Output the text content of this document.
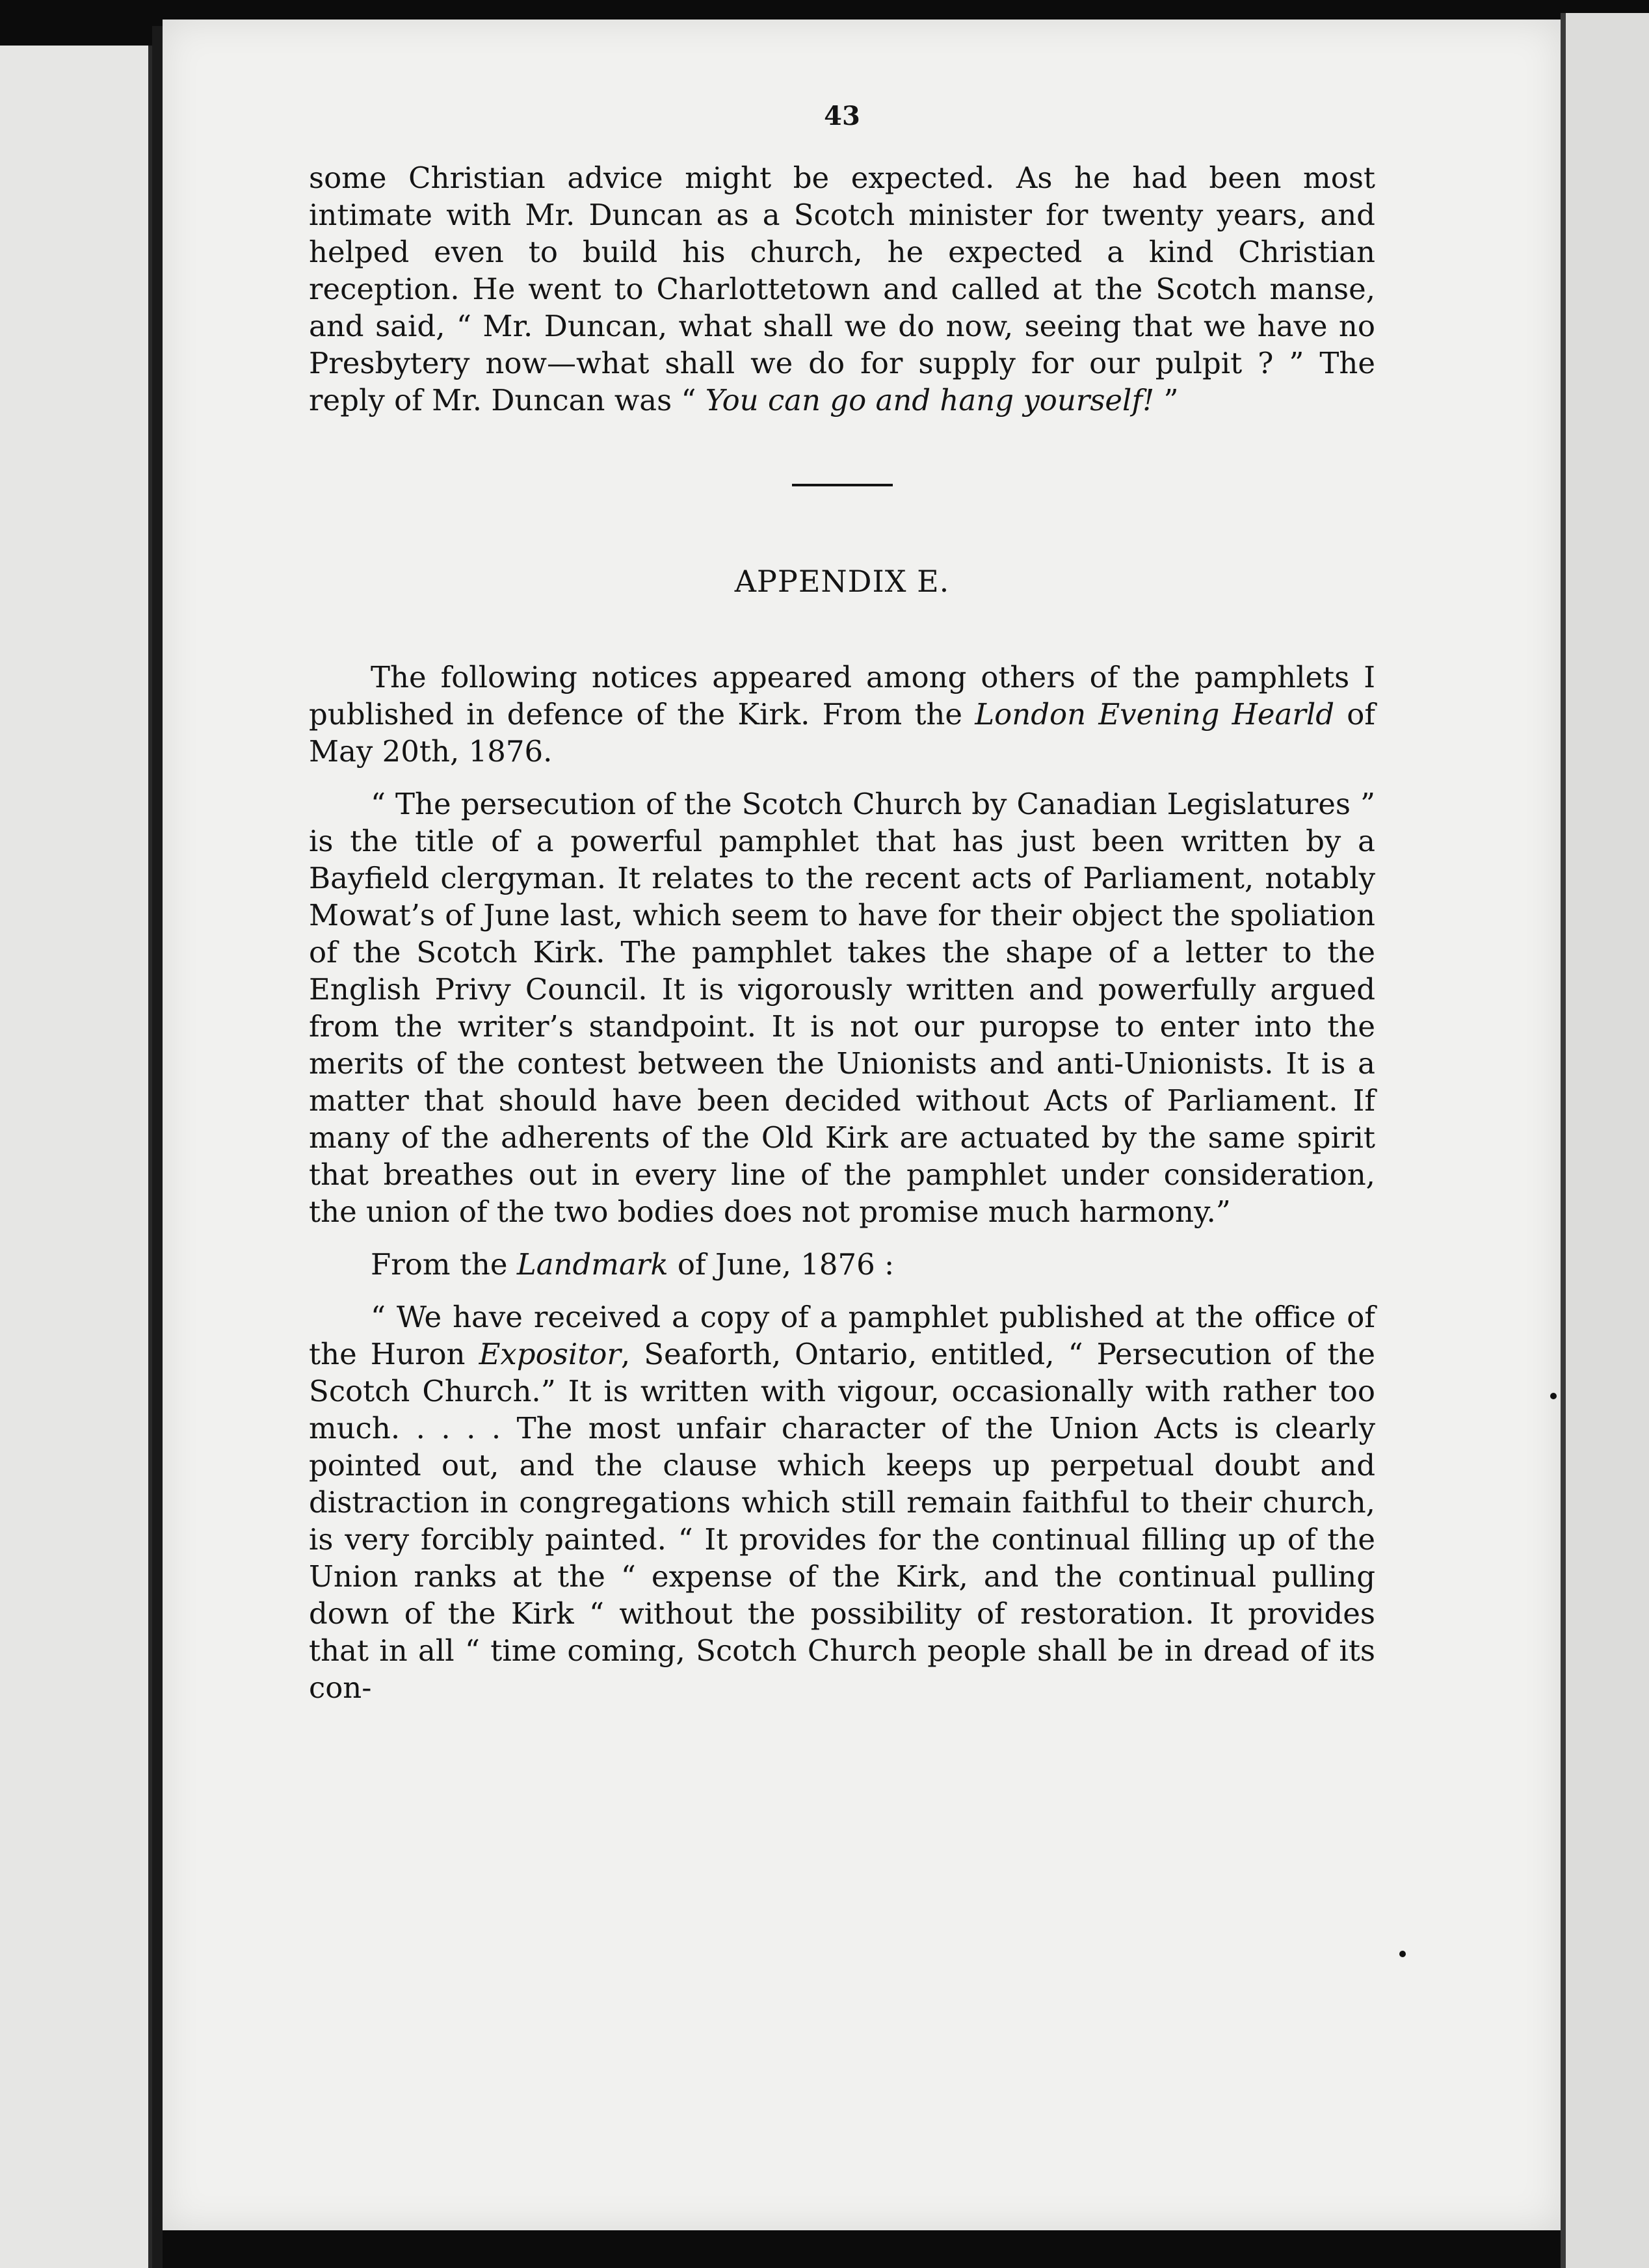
43

some Christian advice might be expected. As he had been most intimate with Mr. Duncan as a Scotch minister for twenty years, and helped even to build his church, he expected a kind Christian reception. He went to Charlottetown and called at the Scotch manse, and said, “ Mr. Duncan, what shall we do now, seeing that we have no Presbytery now—what shall we do for supply for our pulpit ? ” The reply of Mr. Duncan was “ You can go and hang yourself! ”

APPENDIX E.

The following notices appeared among others of the pamphlets I published in defence of the Kirk. From the London Evening Hearld of May 20th, 1876.

“ The persecution of the Scotch Church by Canadian Legislatures ” is the title of a powerful pamphlet that has just been written by a Bayfield clergyman. It relates to the recent acts of Parliament, notably Mowat’s of June last, which seem to have for their object the spoliation of the Scotch Kirk. The pamphlet takes the shape of a letter to the English Privy Council. It is vigorously written and powerfully argued from the writer’s standpoint. It is not our puropse to enter into the merits of the contest between the Unionists and anti-Unionists. It is a matter that should have been decided without Acts of Parliament. If many of the adherents of the Old Kirk are actuated by the same spirit that breathes out in every line of the pamphlet under consideration, the union of the two bodies does not promise much harmony.”

From the Landmark of June, 1876 :

“ We have received a copy of a pamphlet published at the office of the Huron Expositor, Seaforth, Ontario, entitled, “ Persecution of the Scotch Church.” It is written with vigour, occasionally with rather too much. . . . . The most unfair character of the Union Acts is clearly pointed out, and the clause which keeps up perpetual doubt and distraction in congregations which still remain faithful to their church, is very forcibly painted. “ It provides for the continual filling up of the Union ranks at the “ expense of the Kirk, and the continual pulling down of the Kirk “ without the possibility of restoration. It provides that in all “ time coming, Scotch Church people shall be in dread of its con-
